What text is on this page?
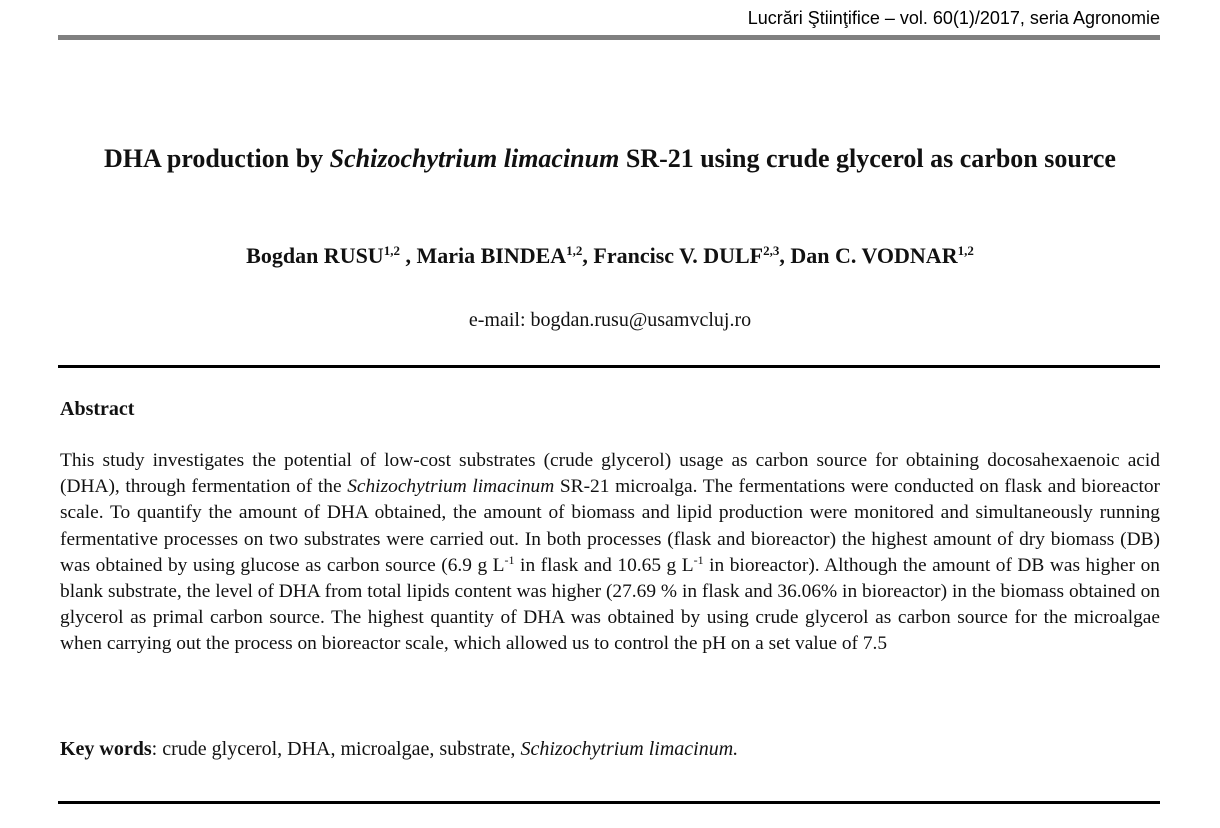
Lucrări Ştiinţifice – vol. 60(1)/2017, seria Agronomie
DHA production by Schizochytrium limacinum SR-21 using crude glycerol as carbon source
Bogdan RUSU$^{1,2}$ , Maria BINDEA$^{1,2}$, Francisc V. DULF$^{2,3}$, Dan C. VODNAR$^{1,2}$
e-mail: bogdan.rusu@usamvcluj.ro
Abstract
This study investigates the potential of low-cost substrates (crude glycerol) usage as carbon source for obtaining docosahexaenoic acid (DHA), through fermentation of the Schizochytrium limacinum SR-21 microalga. The fermentations were conducted on flask and bioreactor scale. To quantify the amount of DHA obtained, the amount of biomass and lipid production were monitored and simultaneously running fermentative processes on two substrates were carried out. In both processes (flask and bioreactor) the highest amount of dry biomass (DB) was obtained by using glucose as carbon source (6.9 g $L^{-1}$ in flask and 10.65 g $L^{-1}$ in bioreactor). Although the amount of DB was higher on blank substrate, the level of DHA from total lipids content was higher (27.69 % in flask and 36.06% in bioreactor) in the biomass obtained on glycerol as primal carbon source. The highest quantity of DHA was obtained by using crude glycerol as carbon source for the microalgae when carrying out the process on bioreactor scale, which allowed us to control the pH on a set value of 7.5
Key words: crude glycerol, DHA, microalgae, substrate, Schizochytrium limacinum.
